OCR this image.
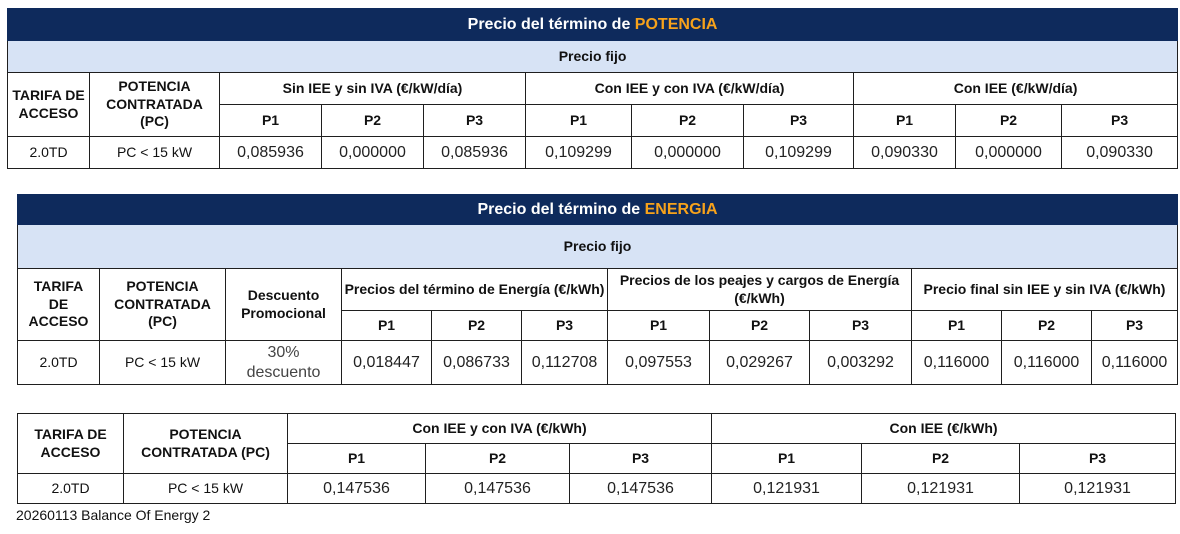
Precio del término de POTENCIA										
Precio fijo										
TARIFA DE ACCESO	POTENCIA CONTRATADA (PC)	Sin IEE y sin IVA (€/kW/día)			Con IEE y con IVA (€/kW/día)			Con IEE (€/kW/día)		
		P1	P2	P3	P1	P2	P3	P1	P2	P3
2.0TD	PC < 15 kW	0,085936	0,000000	0,085936	0,109299	0,000000	0,109299	0,090330	0,000000	0,090330
Precio del término de ENERGIA											
Precio fijo											
TARIFA DE ACCESO	POTENCIA CONTRATADA (PC)	Descuento Promocional	Precios del término de Energía (€/kWh)			Precios de los peajes y cargos de Energía (€/kWh)			Precio final sin IEE y sin IVA (€/kWh)		
			P1	P2	P3	P1	P2	P3	P1	P2	P3
2.0TD	PC < 15 kW	30% descuento	0,018447	0,086733	0,112708	0,097553	0,029267	0,003292	0,116000	0,116000	0,116000
TARIFA DE ACCESO	POTENCIA CONTRATADA (PC)	Con IEE y con IVA (€/kWh)			Con IEE (€/kWh)		
		P1	P2	P3	P1	P2	P3
2.0TD	PC < 15 kW	0,147536	0,147536	0,147536	0,121931	0,121931	0,121931
20260113 Balance Of Energy 2
